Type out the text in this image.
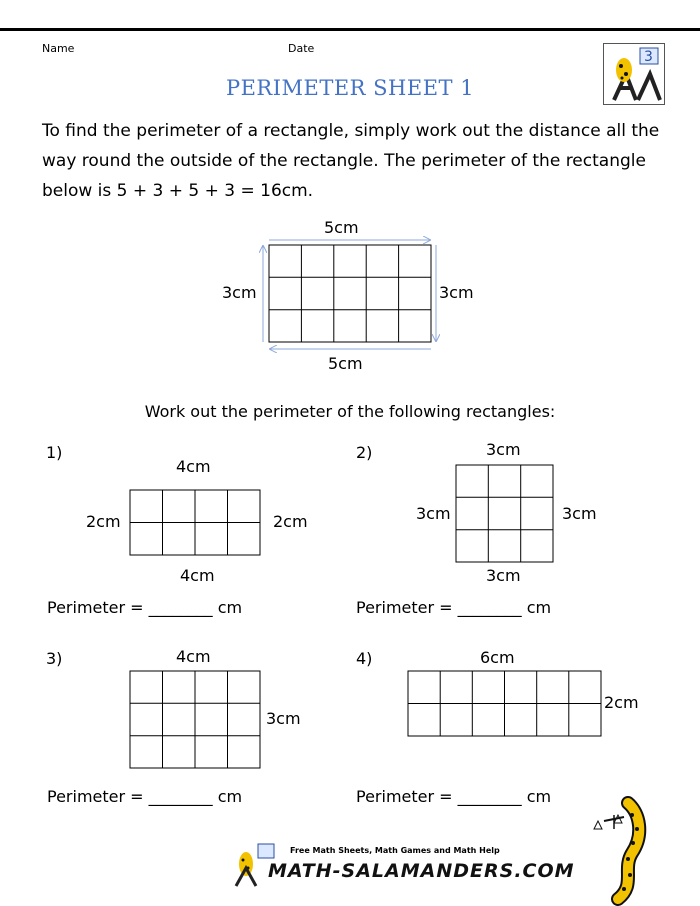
Name	Date
3
PERIMETER SHEET 1
To find the perimeter of a rectangle, simply work out the distance all the way round the outside of the rectangle. The perimeter of the rectangle below is 5 + 3 + 5 + 3 = 16cm.
5cm
5cm
3cm	3cm
Work out the perimeter of the following rectangles:
1)
4cm
4cm
2cm	2cm
Perimeter = ________ cm
2)	3cm
3cm
3cm	3cm
Perimeter = ________ cm
3)	4cm
3cm
Perimeter = ________ cm
4)	6cm
2cm
Perimeter = ________ cm
Free Math Sheets, Math Games and Math Help
MATH-SALAMANDERS.COM
